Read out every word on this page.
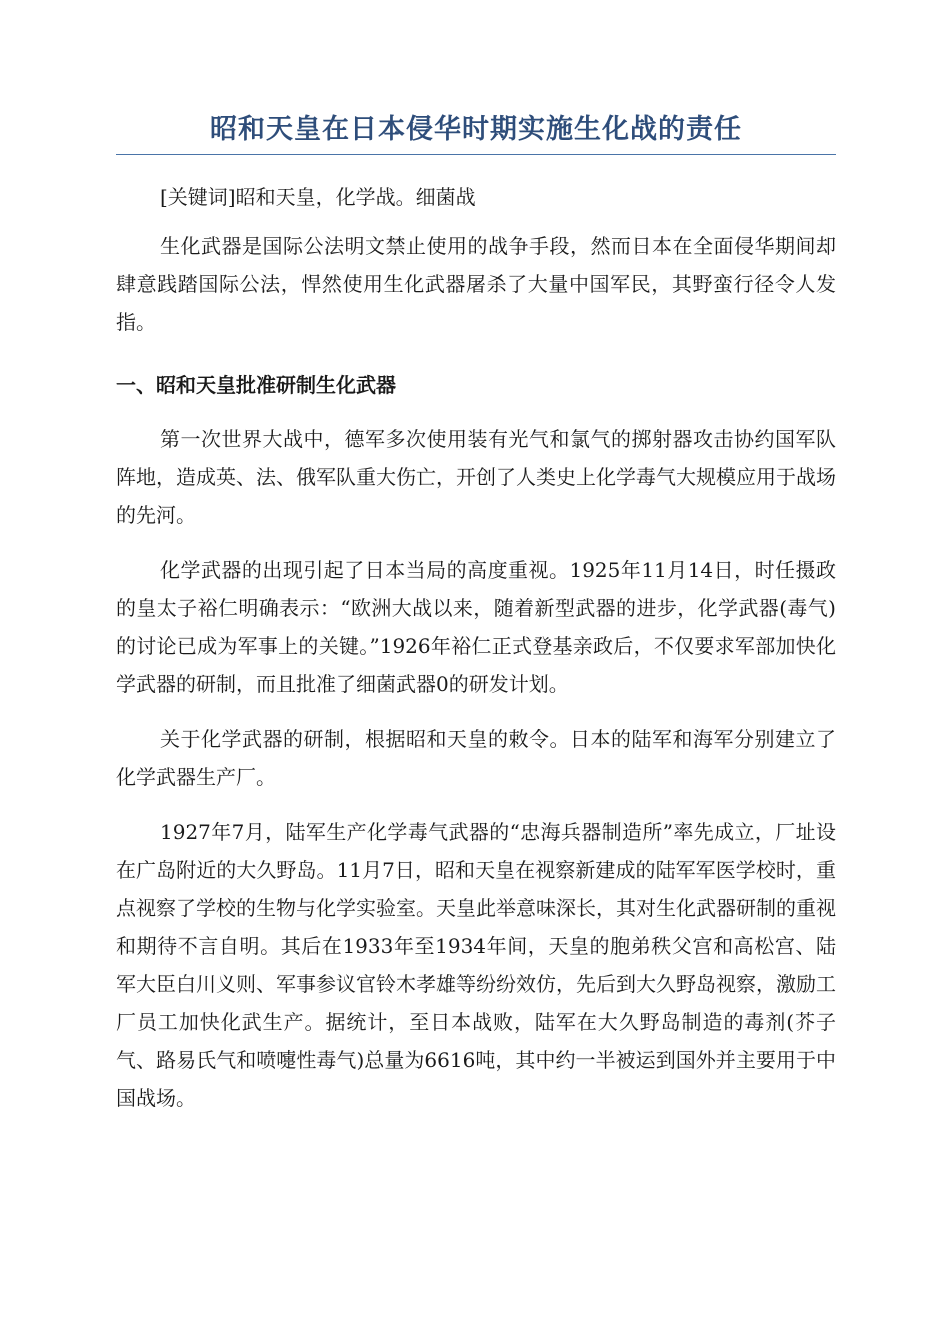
昭和天皇在日本侵华时期实施生化战的责任

[关键词]昭和天皇，化学战。细菌战

生化武器是国际公法明文禁止使用的战争手段，然而日本在全面侵华期间却肆意践踏国际公法，悍然使用生化武器屠杀了大量中国军民，其野蛮行径令人发指。

一、昭和天皇批准研制生化武器

第一次世界大战中，德军多次使用装有光气和氯气的掷射器攻击协约国军队阵地，造成英、法、俄军队重大伤亡，开创了人类史上化学毒气大规模应用于战场的先河。

化学武器的出现引起了日本当局的高度重视。1925年11月14日，时任摄政的皇太子裕仁明确表示：“欧洲大战以来，随着新型武器的进步，化学武器(毒气)的讨论已成为军事上的关键。”1926年裕仁正式登基亲政后，不仅要求军部加快化学武器的研制，而且批准了细菌武器0的研发计划。

关于化学武器的研制，根据昭和天皇的敕令。日本的陆军和海军分别建立了化学武器生产厂。

1927年7月，陆军生产化学毒气武器的“忠海兵器制造所”率先成立，厂址设在广岛附近的大久野岛。11月7日，昭和天皇在视察新建成的陆军军医学校时，重点视察了学校的生物与化学实验室。天皇此举意味深长，其对生化武器研制的重视和期待不言自明。其后在1933年至1934年间，天皇的胞弟秩父宫和高松宫、陆军大臣白川义则、军事参议官铃木孝雄等纷纷效仿，先后到大久野岛视察，激励工厂员工加快化武生产。据统计，至日本战败，陆军在大久野岛制造的毒剂(芥子气、路易氏气和喷嚏性毒气)总量为6616吨，其中约一半被运到国外并主要用于中国战场。
